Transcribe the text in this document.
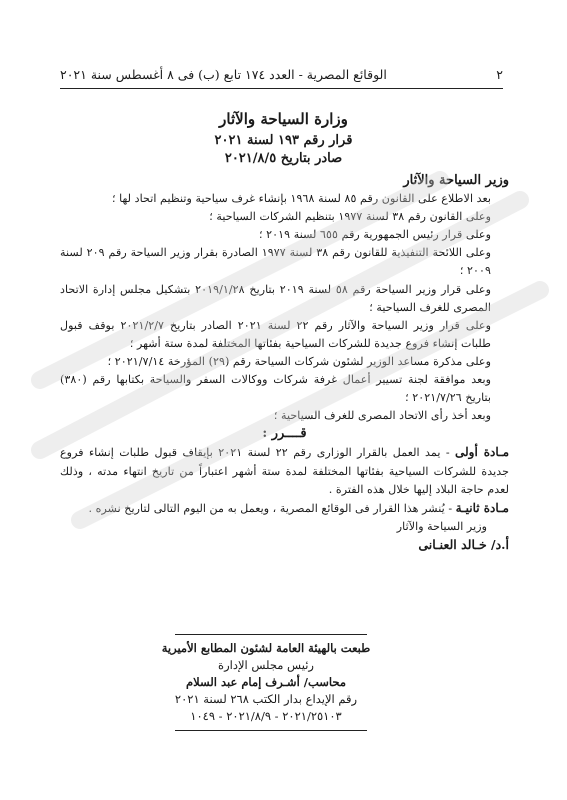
٢
الوقائع المصرية - العدد ١٧٤ تابع (ب) فى ٨ أغسطس سنة ٢٠٢١
وزارة السياحة والآثار
قرار رقم ١٩٣ لسنة ٢٠٢١
صادر بتاريخ ٢٠٢١/٨/٥

وزير السياحة والآثار

بعد الاطلاع على القانون رقم ٨٥ لسنة ١٩٦٨ بإنشاء غرف سياحية وتنظيم اتحاد لها ؛

وعلى القانون رقم ٣٨ لسنة ١٩٧٧ بتنظيم الشركات السياحية ؛

وعلى قرار رئيس الجمهورية رقم ٦٥٥ لسنة ٢٠١٩ ؛

وعلى اللائحة التنفيذية للقانون رقم ٣٨ لسنة ١٩٧٧ الصادرة بقرار وزير السياحة رقم ٢٠٩ لسنة ٢٠٠٩ ؛

وعلى قرار وزير السياحة رقم ٥٨ لسنة ٢٠١٩ بتاريخ ٢٠١٩/١/٢٨ بتشكيل مجلس إدارة الاتحاد المصرى للغرف السياحية ؛

وعلى قرار وزير السياحة والآثار رقم ٢٢ لسنة ٢٠٢١ الصادر بتاريخ ٢٠٢١/٢/٧ بوقف قبول طلبات إنشاء فروع جديدة للشركات السياحية بفئاتها المختلفة لمدة ستة أشهر ؛

وعلى مذكرة مساعد الوزير لشئون شركات السياحة رقم (٢٩) المؤرخة ٢٠٢١/٧/١٤ ؛

وبعد موافقة لجنة تسيير أعمال غرفة شركات ووكالات السفر والسياحة بكتابها رقم (٣٨٠) بتاريخ ٢٠٢١/٧/٢٦ ؛

وبعد أخذ رأى الاتحاد المصرى للغرف السياحية ؛

قــــرر :

مـادة أولى - يمد العمل بالقرار الوزارى رقم ٢٢ لسنة ٢٠٢١ بإيقاف قبول طلبات إنشاء فروع جديدة للشركات السياحية بفئاتها المختلفة لمدة ستة أشهر اعتباراً من تاريخ انتهاء مدته ، وذلك لعدم حاجة البلاد إليها خلال هذه الفترة .

مـادة ثانيـة - يُنشر هذا القرار فى الوقائع المصرية ، ويعمل به من اليوم التالى لتاريخ نشره .

وزير السياحة والآثار

أ.د/ خـالد العنـانى

طبعت بالهيئة العامة لشئون المطابع الأميرية

رئيس مجلس الإدارة

محاسب/ أشـرف إمام عبد السلام

رقم الإيداع بدار الكتب ٢٦٨ لسنة ٢٠٢١

٢٠٢١/٢٥١٠٣ - ٢٠٢١/٨/٩ - ١٠٤٩
